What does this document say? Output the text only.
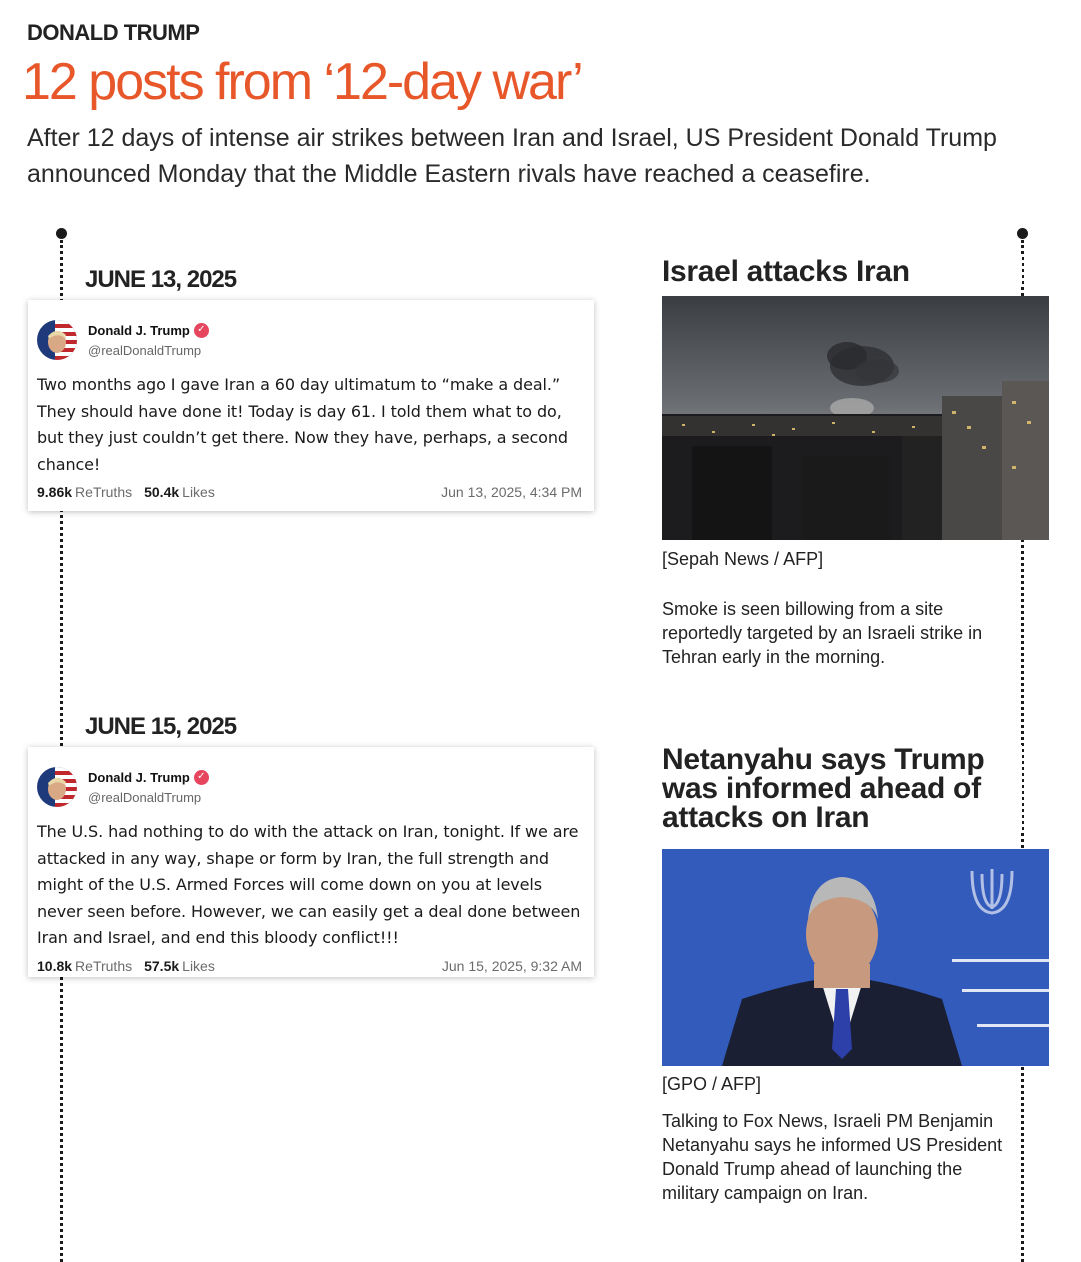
DONALD TRUMP
12 posts from ‘12-day war’
After 12 days of intense air strikes between Iran and Israel, US President Donald Trump announced Monday that the Middle Eastern rivals have reached a ceasefire.
JUNE 13, 2025
Donald J. Trump ✓
@realDonaldTrump
Two months ago I gave Iran a 60 day ultimatum to “make a deal.” They should have done it! Today is day 61. I told them what to do, but they just couldn’t get there. Now they have, perhaps, a second chance!
9.86k ReTruths 50.4k Likes	Jun 13, 2025, 4:34 PM
JUNE 15, 2025
Donald J. Trump ✓
@realDonaldTrump
The U.S. had nothing to do with the attack on Iran, tonight. If we are attacked in any way, shape or form by Iran, the full strength and might of the U.S. Armed Forces will come down on you at levels never seen before. However, we can easily get a deal done between Iran and Israel, and end this bloody conflict!!!
10.8k ReTruths 57.5k Likes	Jun 15, 2025, 9:32 AM
Israel attacks Iran
[Sepah News / AFP]
Smoke is seen billowing from a site reportedly targeted by an Israeli strike in Tehran early in the morning.
Netanyahu says Trump was informed ahead of attacks on Iran
[GPO / AFP]
Talking to Fox News, Israeli PM Benjamin Netanyahu says he informed US President Donald Trump ahead of launching the military campaign on Iran.
